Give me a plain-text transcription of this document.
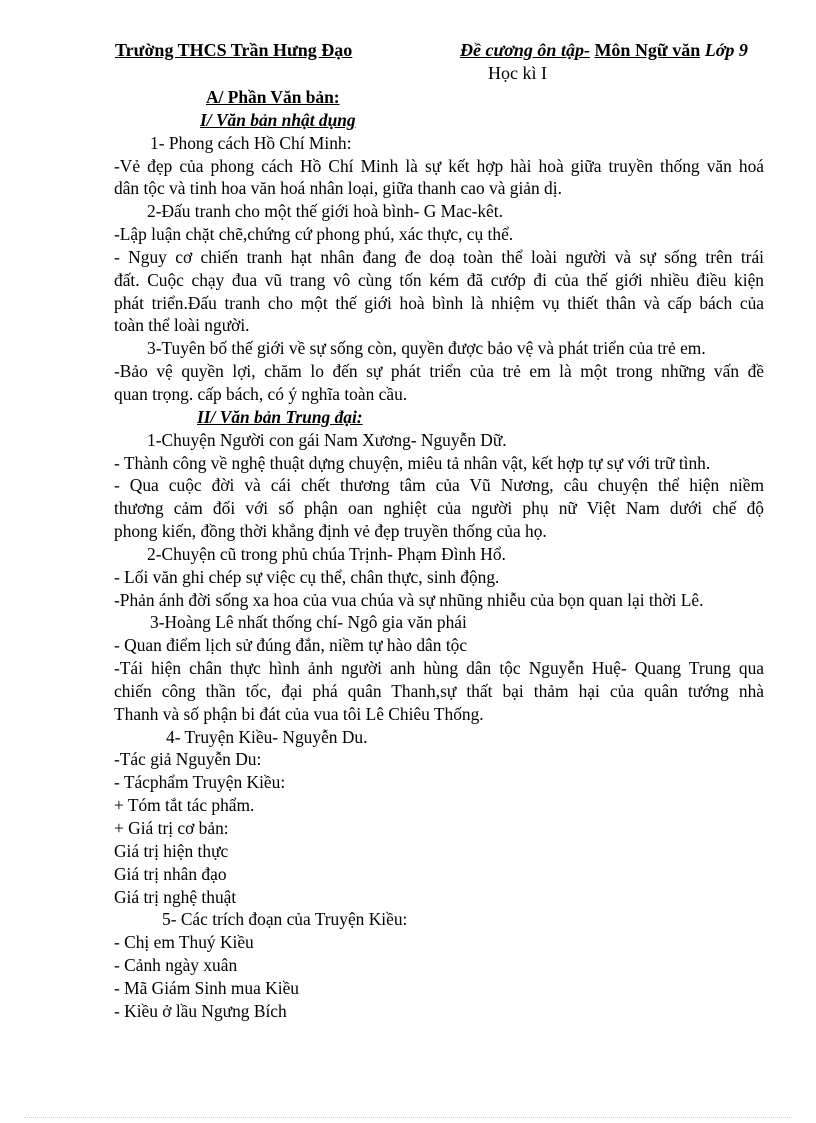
Trường THCS Trần Hưng Đạo	Đề cương ôn tập- Môn Ngữ văn Lớp 9
Học kì I
A/ Phần Văn bản:
I/ Văn bản nhật dụng
1- Phong cách Hồ Chí Minh:
-Vẻ đẹp của phong cách Hồ Chí Minh là sự kết hợp hài hoà giữa truyền thống văn hoá
dân tộc và tinh hoa văn hoá nhân loại, giữa thanh cao và giản dị.
2-Đấu tranh cho một thế giới hoà bình- G Mac-kêt.
-Lập luận chặt chẽ,chứng cứ phong phú, xác thực, cụ thể.
- Nguy cơ chiến tranh hạt nhân đang đe doạ toàn thể loài người và sự sống trên trái
đất. Cuộc chạy đua vũ trang vô cùng tốn kém đã cướp đi của thế giới nhiều điều kiện
phát triển.Đấu tranh cho một thế giới hoà bình là nhiệm vụ thiết thân và cấp bách của
toàn thể loài người.
3-Tuyên bố thế giới về sự sống còn, quyền được bảo vệ và phát triển của trẻ em.
-Bảo vệ quyền lợi, chăm lo đến sự phát triển của trẻ em là một trong những vấn đề
quan trọng. cấp bách, có ý nghĩa toàn cầu.
II/ Văn bản Trung đại:
1-Chuyện Người con gái Nam Xương- Nguyễn Dữ.
- Thành công về nghệ thuật dựng chuyện, miêu tả nhân vật, kết hợp tự sự với trữ tình.
- Qua cuộc đời và cái chết thương tâm của Vũ Nương, câu chuyện thể hiện niềm
thương cảm đối với số phận oan nghiệt của người phụ nữ Việt Nam dưới chế độ
phong kiến, đồng thời khẳng định vẻ đẹp truyền thống của họ.
2-Chuyện cũ trong phủ chúa Trịnh- Phạm Đình Hổ.
- Lối văn ghi chép sự việc cụ thể, chân thực, sinh động.
-Phản ánh đời sống xa hoa của vua chúa và sự nhũng nhiễu của bọn quan lại thời Lê.
3-Hoàng Lê nhất thống chí- Ngô gia văn phái
- Quan điểm lịch sử đúng đắn, niềm tự hào dân tộc
-Tái hiện chân thực hình ảnh người anh hùng dân tộc Nguyễn Huệ- Quang Trung qua
chiến công thần tốc, đại phá quân Thanh,sự thất bại thảm hại của quân tướng nhà
Thanh và số phận bi đát của vua tôi Lê Chiêu Thống.
4- Truyện Kiều- Nguyễn Du.
-Tác giả Nguyễn Du:
- Tácphẩm Truyện Kiều:
+ Tóm tắt tác phẩm.
+ Giá trị cơ bản:
Giá trị hiện thực
Giá trị nhân đạo
Giá trị nghệ thuật
5- Các trích đoạn của Truyện Kiều:
- Chị em Thuý Kiều
- Cảnh ngày xuân
- Mã Giám Sinh mua Kiều
- Kiều ở lầu Ngưng Bích
